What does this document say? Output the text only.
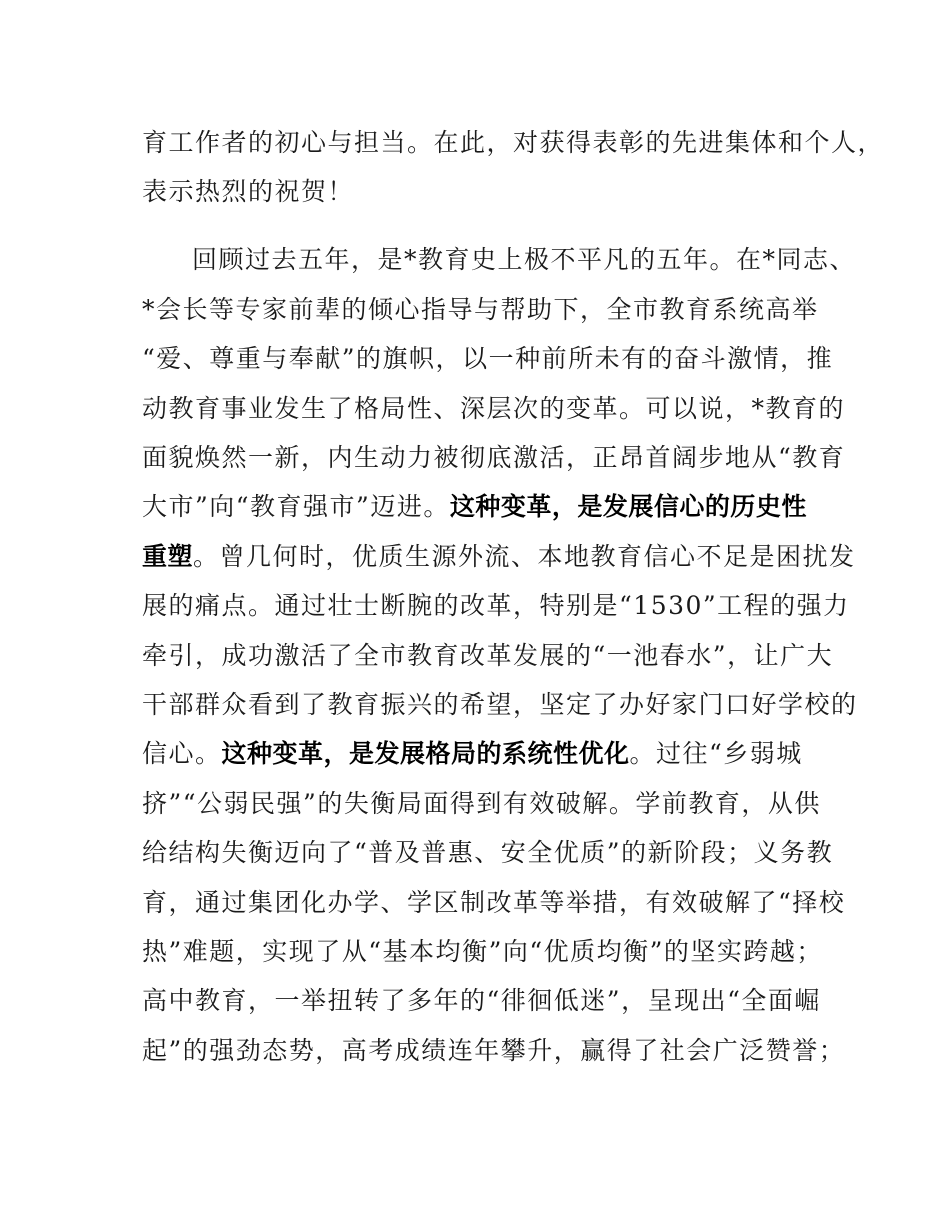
育工作者的初心与担当。在此，对获得表彰的先进集体和个人，
表示热烈的祝贺！
回顾过去五年，是*教育史上极不平凡的五年。在*同志、
*会长等专家前辈的倾心指导与帮助下，全市教育系统高举
“爱、尊重与奉献”的旗帜，以一种前所未有的奋斗激情，推
动教育事业发生了格局性、深层次的变革。可以说，*教育的
面貌焕然一新，内生动力被彻底激活，正昂首阔步地从“教育
大市”向“教育强市”迈进。这种变革，是发展信心的历史性
重塑。曾几何时，优质生源外流、本地教育信心不足是困扰发
展的痛点。通过壮士断腕的改革，特别是“1530”工程的强力
牵引，成功激活了全市教育改革发展的“一池春水”，让广大
干部群众看到了教育振兴的希望，坚定了办好家门口好学校的
信心。这种变革，是发展格局的系统性优化。过往“乡弱城
挤”“公弱民强”的失衡局面得到有效破解。学前教育，从供
给结构失衡迈向了“普及普惠、安全优质”的新阶段；义务教
育，通过集团化办学、学区制改革等举措，有效破解了“择校
热”难题，实现了从“基本均衡”向“优质均衡”的坚实跨越；
高中教育，一举扭转了多年的“徘徊低迷”，呈现出“全面崛
起”的强劲态势，高考成绩连年攀升，赢得了社会广泛赞誉；
